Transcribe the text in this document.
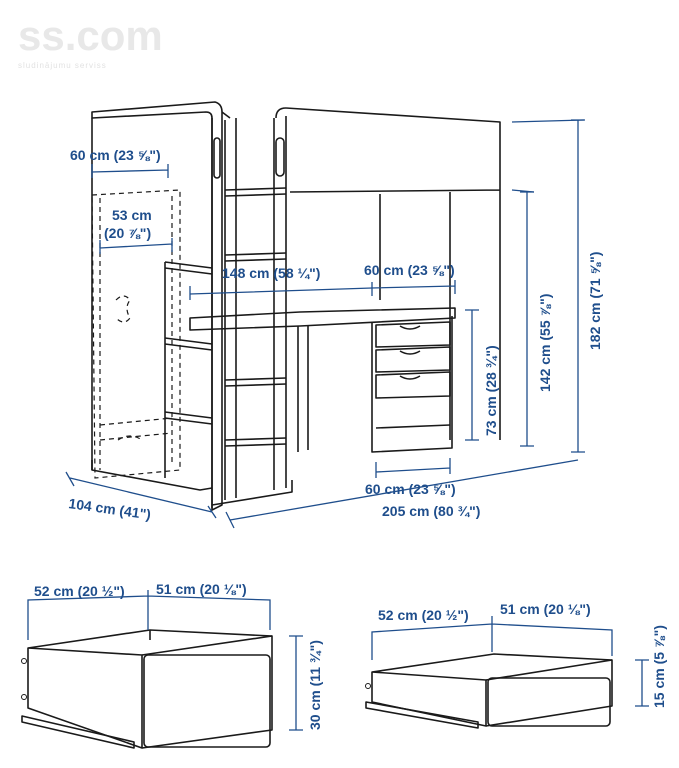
ss.com
sludinājumu serviss
60 cm (23 ⅝")
53 cm
(20 ⅞")
148 cm (58 ¼")	60 cm (23 ⅝")
73 cm (28 ¾")	142 cm (55 ⅞") 182 cm (71 ⅝")
60 cm (23 ⅝")
205 cm (80 ¾")
104 cm (41")
52 cm (20 ½") 51 cm (20 ⅛")
30 cm (11 ¾")
52 cm (20 ½") 51 cm (20 ⅛")
15 cm (5 ⅞")
